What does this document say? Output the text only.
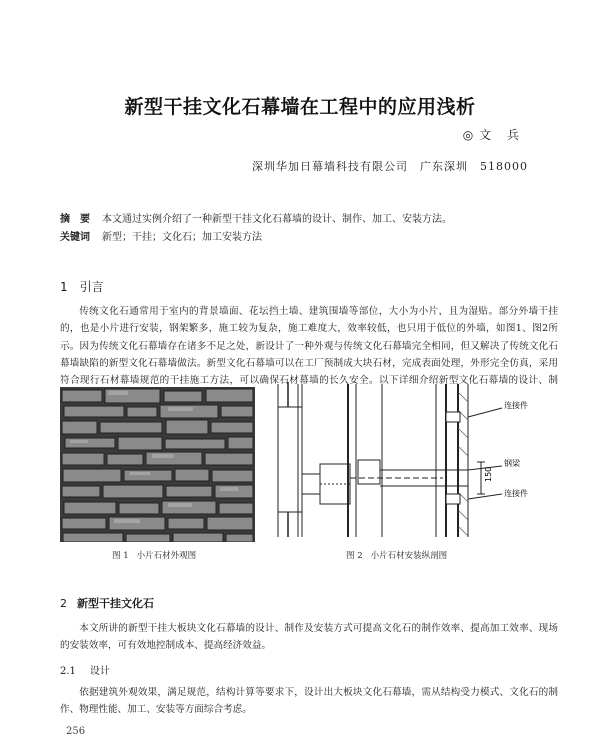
新型干挂文化石幕墙在工程中的应用浅析
◎文 兵
深圳华加日幕墙科技有限公司　广东深圳　518000
摘　要 本文通过实例介绍了一种新型干挂文化石幕墙的设计、制作、加工、安装方法。
关键词 新型；干挂；文化石；加工安装方法
1 引言
传统文化石通常用于室内的背景墙面、花坛挡土墙、建筑围墙等部位，大小为小片，且为湿贴。部分外墙干挂的，也是小片进行安装，钢架繁多，施工较为复杂，施工难度大，效率较低，也只用于低位的外墙，如图1、图2所示。因为传统文化石幕墙存在诸多不足之处，新设计了一种外观与传统文化石幕墙完全相同，但又解决了传统文化石幕墙缺陷的新型文化石幕墙做法。新型文化石幕墙可以在工厂预制成大块石材，完成表面处理，外形完全仿真，采用符合现行石材幕墙规范的干挂施工方法，可以确保石材幕墙的长久安全。以下详细介绍新型文化石幕墙的设计、制
图 1 小片石材外观图
连接件
钢梁
连接件
150
图 2 小片石材安装纵剖图
2 新型干挂文化石
本文所讲的新型干挂大板块文化石幕墙的设计、制作及安装方式可提高文化石的制作效率、提高加工效率、现场的安装效率，可有效地控制成本、提高经济效益。
2.1 设计
依据建筑外观效果，满足规范，结构计算等要求下，设计出大板块文化石幕墙，需从结构受力模式、文化石的制作、物理性能、加工、安装等方面综合考虑。
256
